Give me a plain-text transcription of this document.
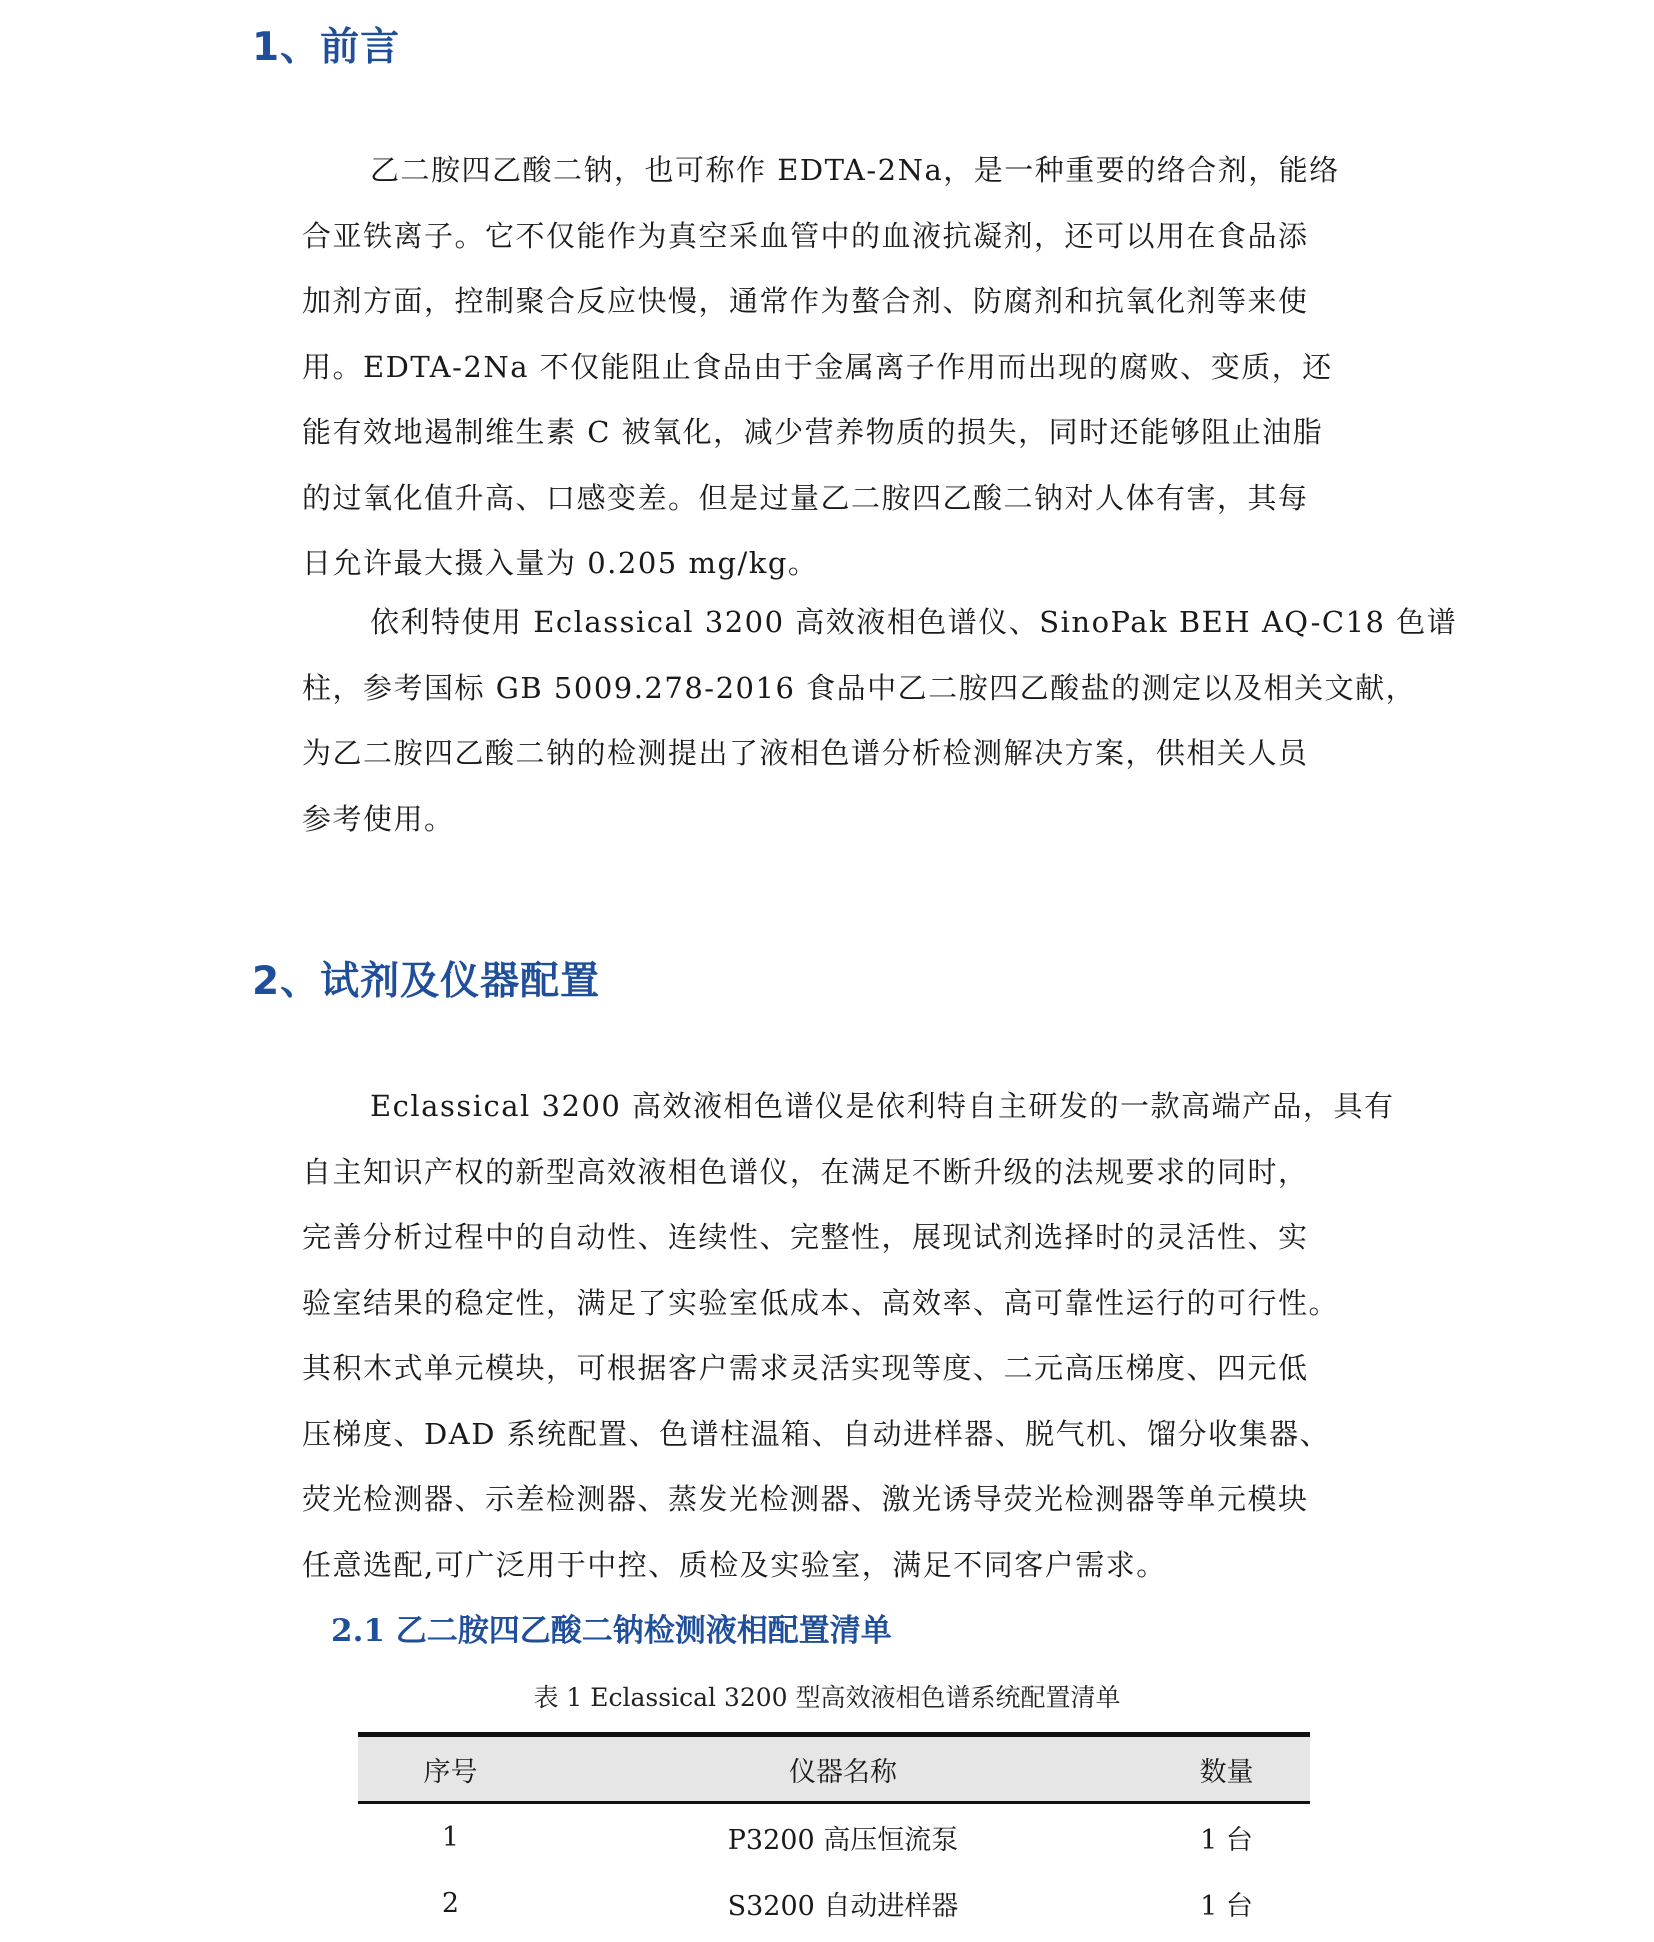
1、前言
乙二胺四乙酸二钠，也可称作 EDTA-2Na，是一种重要的络合剂，能络
合亚铁离子。它不仅能作为真空采血管中的血液抗凝剂，还可以用在食品添
加剂方面，控制聚合反应快慢，通常作为螯合剂、防腐剂和抗氧化剂等来使
用。EDTA-2Na 不仅能阻止食品由于金属离子作用而出现的腐败、变质，还
能有效地遏制维生素 C 被氧化，减少营养物质的损失，同时还能够阻止油脂
的过氧化值升高、口感变差。但是过量乙二胺四乙酸二钠对人体有害，其每
日允许最大摄入量为 0.205 mg/kg。
依利特使用 Eclassical 3200 高效液相色谱仪、SinoPak BEH AQ-C18 色谱
柱，参考国标 GB 5009.278-2016 食品中乙二胺四乙酸盐的测定以及相关文献，
为乙二胺四乙酸二钠的检测提出了液相色谱分析检测解决方案，供相关人员
参考使用。
2、试剂及仪器配置
Eclassical 3200 高效液相色谱仪是依利特自主研发的一款高端产品，具有
自主知识产权的新型高效液相色谱仪，在满足不断升级的法规要求的同时，
完善分析过程中的自动性、连续性、完整性，展现试剂选择时的灵活性、实
验室结果的稳定性，满足了实验室低成本、高效率、高可靠性运行的可行性。
其积木式单元模块，可根据客户需求灵活实现等度、二元高压梯度、四元低
压梯度、DAD 系统配置、色谱柱温箱、自动进样器、脱气机、馏分收集器、
荧光检测器、示差检测器、蒸发光检测器、激光诱导荧光检测器等单元模块
任意选配,可广泛用于中控、质检及实验室，满足不同客户需求。
2.1 乙二胺四乙酸二钠检测液相配置清单
表 1 Eclassical 3200 型高效液相色谱系统配置清单
序号	仪器名称	数量
1	P3200 高压恒流泵	1 台
2	S3200 自动进样器	1 台
